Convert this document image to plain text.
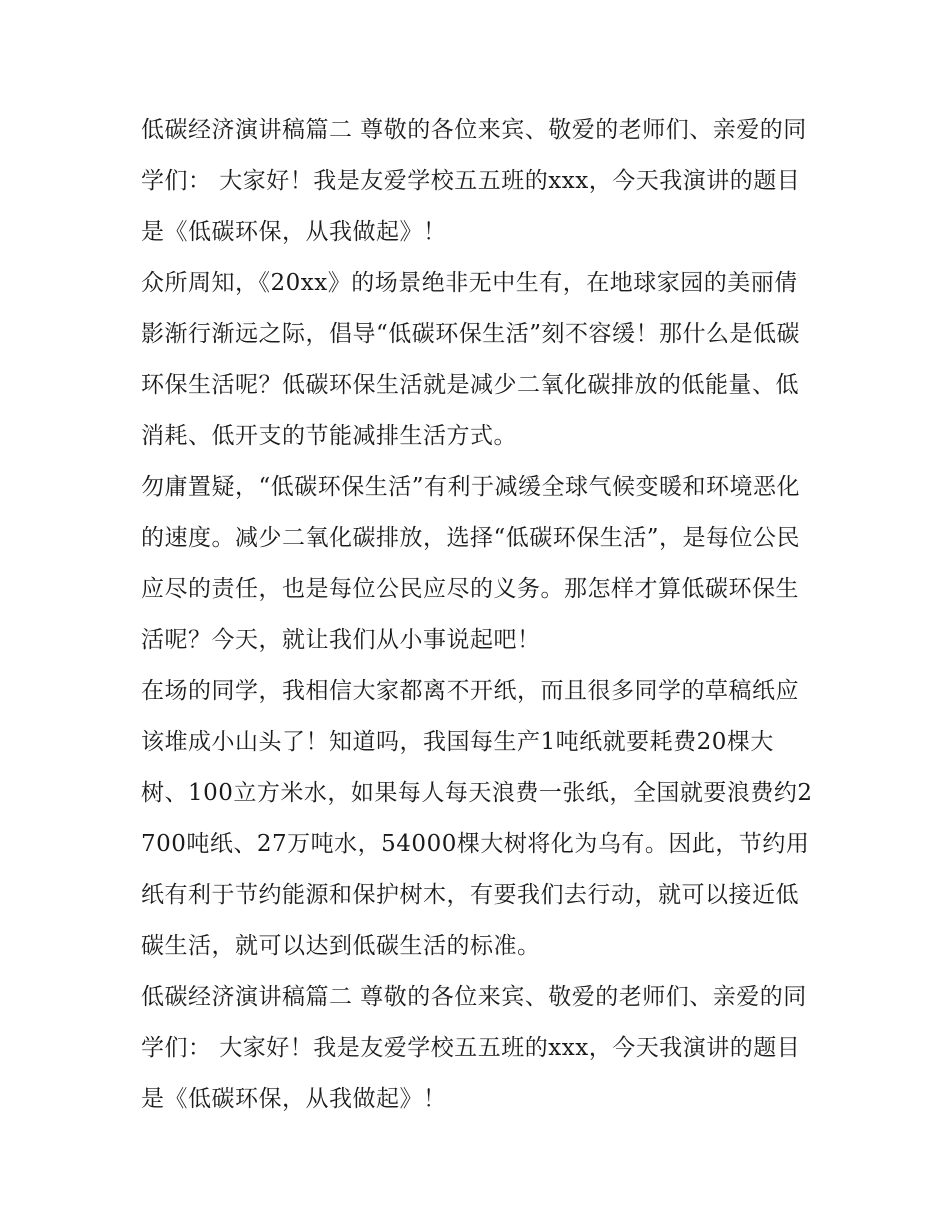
低碳经济演讲稿篇二 尊敬的各位来宾、敬爱的老师们、亲爱的同学们： 大家好！我是友爱学校五五班的xxx，今天我演讲的题目是《低碳环保，从我做起》！

众所周知，《20xx》的场景绝非无中生有，在地球家园的美丽倩影渐行渐远之际，倡导“低碳环保生活”刻不容缓！那什么是低碳环保生活呢？低碳环保生活就是减少二氧化碳排放的低能量、低消耗、低开支的节能减排生活方式。

勿庸置疑，“低碳环保生活”有利于减缓全球气候变暖和环境恶化的速度。减少二氧化碳排放，选择“低碳环保生活”，是每位公民应尽的责任，也是每位公民应尽的义务。那怎样才算低碳环保生活呢？今天，就让我们从小事说起吧！

在场的同学，我相信大家都离不开纸，而且很多同学的草稿纸应该堆成小山头了！知道吗，我国每生产1吨纸就要耗费20棵大树、100立方米水，如果每人每天浪费一张纸，全国就要浪费约2700吨纸、27万吨水，54000棵大树将化为乌有。因此，节约用纸有利于节约能源和保护树木，有要我们去行动，就可以接近低碳生活，就可以达到低碳生活的标准。

低碳经济演讲稿篇二 尊敬的各位来宾、敬爱的老师们、亲爱的同学们： 大家好！我是友爱学校五五班的xxx，今天我演讲的题目是《低碳环保，从我做起》！
